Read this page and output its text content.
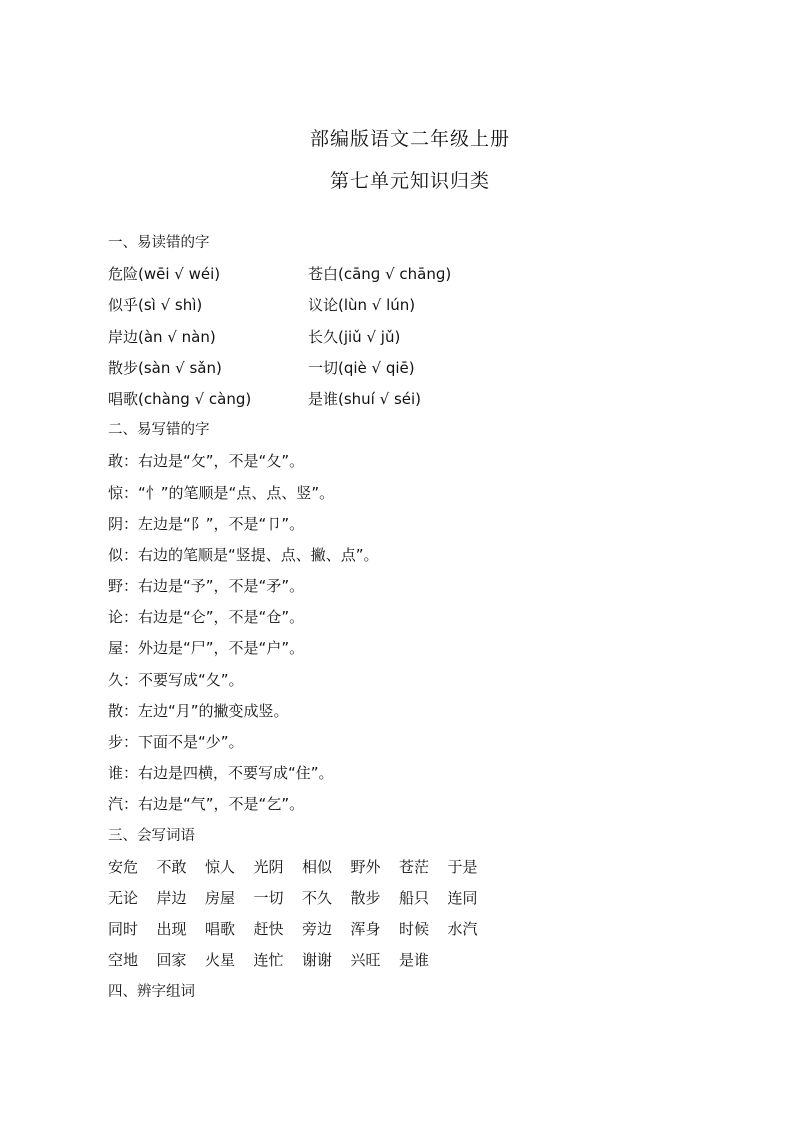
部编版语文二年级上册
第七单元知识归类
一、易读错的字
危险(wēi √ wéi)	苍白(cānɡ √ chānɡ)
似乎(sì √ shì)	议论(lùn √ lún)
岸边(àn √ nàn)	长久(jiǔ √ jǔ)
散步(sàn √ sǎn)	一切(qiè √ qiē)
唱歌(chàng √ càng)	是谁(shuí √ séi)
二、易写错的字
敢：右边是“攵”，不是“夂”。
惊：“忄”的笔顺是“点、点、竖”。
阴：左边是“阝”，不是“卩”。
似：右边的笔顺是“竖提、点、撇、点”。
野：右边是“予”，不是“矛”。
论：右边是“仑”，不是“仓”。
屋：外边是“尸”，不是“户”。
久：不要写成“夂”。
散：左边“月”的撇变成竖。
步：下面不是“少”。
谁：右边是四横，不要写成“住”。
汽：右边是“气”，不是“乞”。
三、会写词语
安危	不敢	惊人	光阴	相似	野外	苍茫	于是
无论	岸边	房屋	一切	不久	散步	船只	连同
同时	出现	唱歌	赶快	旁边	浑身	时候	水汽
空地	回家	火星	连忙	谢谢	兴旺	是谁
四、辨字组词
